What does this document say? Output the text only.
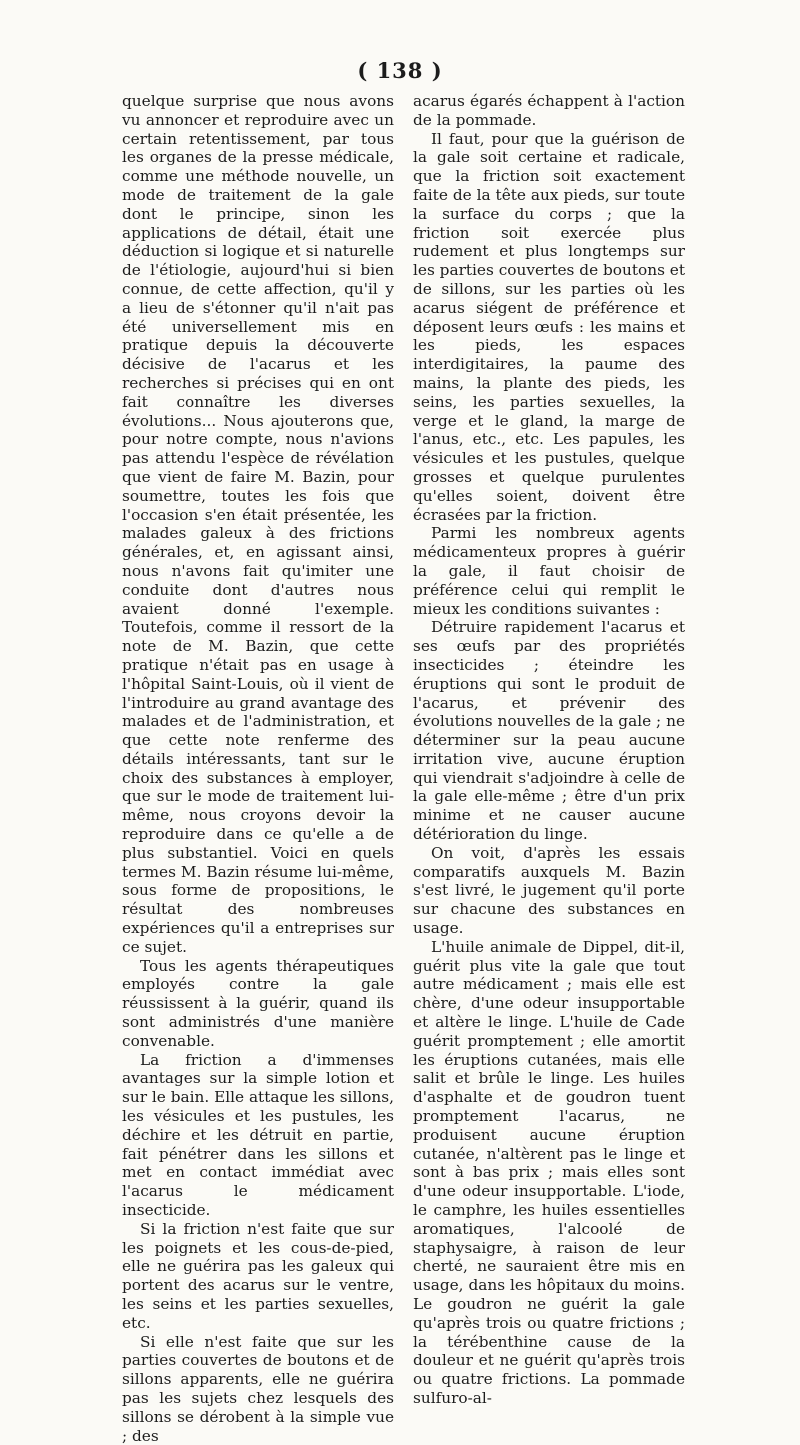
( 138 )

quelque surprise que nous avons vu annoncer et reproduire avec un certain retentissement, par tous les organes de la presse médicale, comme une méthode nouvelle, un mode de traitement de la gale dont le principe, sinon les applications de détail, était une déduction si logique et si naturelle de l'étiologie, aujourd'hui si bien connue, de cette affection, qu'il y a lieu de s'étonner qu'il n'ait pas été universellement mis en pratique depuis la découverte décisive de l'acarus et les recherches si précises qui en ont fait connaître les diverses évolutions... Nous ajouterons que, pour notre compte, nous n'avions pas attendu l'espèce de révélation que vient de faire M. Bazin, pour soumettre, toutes les fois que l'occasion s'en était présentée, les malades galeux à des frictions générales, et, en agissant ainsi, nous n'avons fait qu'imiter une conduite dont d'autres nous avaient donné l'exemple. Toutefois, comme il ressort de la note de M. Bazin, que cette pratique n'était pas en usage à l'hôpital Saint-Louis, où il vient de l'introduire au grand avantage des malades et de l'administration, et que cette note renferme des détails intéressants, tant sur le choix des substances à employer, que sur le mode de traitement lui-même, nous croyons devoir la reproduire dans ce qu'elle a de plus substantiel. Voici en quels termes M. Bazin résume lui-même, sous forme de propositions, le résultat des nombreuses expériences qu'il a entreprises sur ce sujet.

Tous les agents thérapeutiques employés contre la gale réussissent à la guérir, quand ils sont administrés d'une manière convenable.

La friction a d'immenses avantages sur la simple lotion et sur le bain. Elle attaque les sillons, les vésicules et les pustules, les déchire et les détruit en partie, fait pénétrer dans les sillons et met en contact immédiat avec l'acarus le médicament insecticide.

Si la friction n'est faite que sur les poignets et les cous-de-pied, elle ne guérira pas les galeux qui portent des acarus sur le ventre, les seins et les parties sexuelles, etc.

Si elle n'est faite que sur les parties couvertes de boutons et de sillons apparents, elle ne guérira pas les sujets chez lesquels des sillons se dérobent à la simple vue ; des

acarus égarés échappent à l'action de la pommade.

Il faut, pour que la guérison de la gale soit certaine et radicale, que la friction soit exactement faite de la tête aux pieds, sur toute la surface du corps ; que la friction soit exercée plus rudement et plus longtemps sur les parties couvertes de boutons et de sillons, sur les parties où les acarus siégent de préférence et déposent leurs œufs : les mains et les pieds, les espaces interdigitaires, la paume des mains, la plante des pieds, les seins, les parties sexuelles, la verge et le gland, la marge de l'anus, etc., etc. Les papules, les vésicules et les pustules, quelque grosses et quelque purulentes qu'elles soient, doivent être écrasées par la friction.

Parmi les nombreux agents médicamenteux propres à guérir la gale, il faut choisir de préférence celui qui remplit le mieux les conditions suivantes :

Détruire rapidement l'acarus et ses œufs par des propriétés insecticides ; éteindre les éruptions qui sont le produit de l'acarus, et prévenir des évolutions nouvelles de la gale ; ne déterminer sur la peau aucune irritation vive, aucune éruption qui viendrait s'adjoindre à celle de la gale elle-même ; être d'un prix minime et ne causer aucune détérioration du linge.

On voit, d'après les essais comparatifs auxquels M. Bazin s'est livré, le jugement qu'il porte sur chacune des substances en usage.

L'huile animale de Dippel, dit-il, guérit plus vite la gale que tout autre médicament ; mais elle est chère, d'une odeur insupportable et altère le linge. L'huile de Cade guérit promptement ; elle amortit les éruptions cutanées, mais elle salit et brûle le linge. Les huiles d'asphalte et de goudron tuent promptement l'acarus, ne produisent aucune éruption cutanée, n'altèrent pas le linge et sont à bas prix ; mais elles sont d'une odeur insupportable. L'iode, le camphre, les huiles essentielles aromatiques, l'alcoolé de staphysaigre, à raison de leur cherté, ne sauraient être mis en usage, dans les hôpitaux du moins. Le goudron ne guérit la gale qu'après trois ou quatre frictions ; la térébenthine cause de la douleur et ne guérit qu'après trois ou quatre frictions. La pommade sulfuro-al-
